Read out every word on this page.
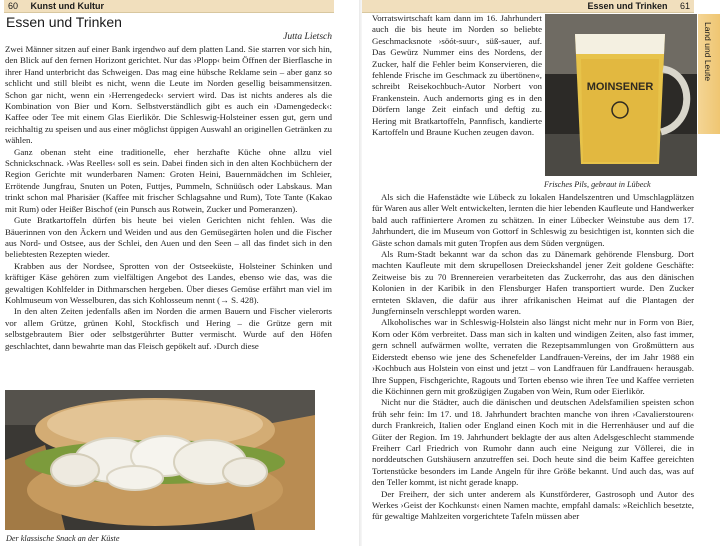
60 Kunst und Kultur
Essen und Trinken
Jutta Lietsch

Zwei Männer sitzen auf einer Bank irgendwo auf dem platten Land. Sie starren vor sich hin, den Blick auf den fernen Horizont gerichtet. Nur das ›Plopp‹ beim Öffnen der Bierflasche in ihrer Hand unterbricht das Schweigen. Das mag eine hübsche Reklame sein – aber ganz so schlicht und still bleibt es nicht, wenn die Leute im Norden gesellig beisammensitzen. Schon gar nicht, wenn ein ›Herrengedeck‹ serviert wird. Das ist nichts anderes als die Kombination von Bier und Korn. Selbstverständlich gibt es auch ein ›Damengedeck‹: Kaffee oder Tee mit einem Glas Eierlikör. Die Schleswig-Holsteiner essen gut, gern und reichhaltig zu speisen und aus einer möglichst üppigen Auswahl an originellen Getränken zu wählen.

Ganz obenan steht eine traditionelle, eher herzhafte Küche ohne allzu viel Schnickschnack. ›Was Reelles‹ soll es sein. Dabei finden sich in den alten Kochbüchern der Region Gerichte mit wunderbaren Namen: Groten Heini, Bauernmädchen im Schleier, Errötende Jungfrau, Snuten un Poten, Futtjes, Pummeln, Schnüüsch oder Labskaus. Man trinkt schon mal Pharisäer (Kaffee mit frischer Schlagsahne und Rum), Tote Tante (Kakao mit Rum) oder Heißer Bischof (ein Punsch aus Rotwein, Zucker und Pomeranzen).

Gute Bratkartoffeln dürfen bis heute bei vielen Gerichten nicht fehlen. Was die Bäuerinnen von den Äckern und Weiden und aus den Gemüsegärten holen und die Fischer aus Nord- und Ostsee, aus der Schlei, den Auen und den Seen – all das findet sich in den beliebtesten Rezepten wieder.

Krabben aus der Nordsee, Sprotten von der Ostseeküste, Holsteiner Schinken und kräftiger Käse gehören zum vielfältigen Angebot des Landes, ebenso wie das, was die gewaltigen Kohlfelder in Dithmarschen hergeben. Über dieses Gemüse erfährt man viel im Kohlmuseum von Wesselburen, das sich Kohlosseum nennt (→ S. 428).

In den alten Zeiten jedenfalls aßen im Norden die armen Bauern und Fischer vielerorts vor allem Grütze, grünen Kohl, Stockfisch und Hering – die Grütze gern mit selbstgebrautem Bier oder selbstgerührter Butter vermischt. Wurde auf den Höfen geschlachtet, dann bewahrte man das Fleisch gepökelt auf. ›Durch diese

Der klassische Snack an der Küste
Essen und Trinken 61

Vorratswirtschaft kam dann im 16. Jahrhundert auch die bis heute im Norden so beliebte Geschmacksnote ›söót-suur‹, süß-sauer, auf. Das Gewürz Nummer eins des Nordens, der Zucker, half die Fehler beim Konservieren, die fehlende Frische im Geschmack zu übertönen«, schreibt Reisekochbuch-Autor Norbert von Frankenstein. Auch andernorts ging es in den Dörfern lange Zeit einfach und deftig zu. Hering mit Bratkartoffeln, Pannfisch, kandierte Kartoffeln und Braune Kuchen zeugen davon.

MOINSENER
Frisches Pils, gebraut in Lübeck

Als sich die Hafenstädte wie Lübeck zu lokalen Handelszentren und Umschlagplätzen für Waren aus aller Welt entwickelten, lernten die hier lebenden Kaufleute und Handwerker bald auch raffiniertere Aromen zu schätzen. In einer Lübecker Weinstube aus dem 17. Jahrhundert, die im Museum von Gottorf in Schleswig zu besichtigen ist, konnten sich die Gäste schon damals mit guten Tropfen aus dem Süden vergnügen.

Als Rum-Stadt bekannt war da schon das zu Dänemark gehörende Flensburg. Dort machten Kaufleute mit dem skrupellosen Dreieckshandel jener Zeit goldene Geschäfte: Zeitweise bis zu 70 Brennereien verarbeiteten das Zuckerrohr, das aus den dänischen Kolonien in der Karibik in den Flensburger Hafen transportiert wurde. Den Zucker ernteten Sklaven, die dafür aus ihrer afrikanischen Heimat auf die Plantagen der Jungferninseln verschleppt worden waren.

Alkoholisches war in Schleswig-Holstein also längst nicht mehr nur in Form von Bier, Korn oder Köm verbreitet. Dass man sich in kalten und windigen Zeiten, also fast immer, gern schnell aufwärmen wollte, verraten die Rezeptsammlungen von Großmüttern aus Eiderstedt ebenso wie jene des Schenefelder Landfrauen-Vereins, der im Jahr 1988 ein ›Kochbuch aus Holstein von einst und jetzt – von Landfrauen für Landfrauen‹ herausgab. Ihre Suppen, Fischgerichte, Ragouts und Torten ebenso wie ihren Tee und Kaffee verrieten die Köchinnen gern mit großzügigen Zugaben von Wein, Rum oder Eierlikör.

Nicht nur die Städter, auch die dänischen und deutschen Adelsfamilien speisten schon früh sehr fein: Im 17. und 18. Jahrhundert brachten manche von ihren ›Cavalierstouren‹ durch Frankreich, Italien oder England einen Koch mit in die Herrenhäuser und auf die Güter der Region. Im 19. Jahrhundert beklagte der aus alten Adelsgeschlecht stammende Freiherr Carl Friedrich von Rumohr dann auch eine Neigung zur Völlerei, die in norddeutschen Gutshäusern anzutreffen sei. Doch heute sind die beim Kaffee gereichten Tortenstücke besonders im Lande Angeln für ihre Größe bekannt. Und auch das, was auf den Teller kommt, ist nicht gerade knapp.

Der Freiherr, der sich unter anderem als Kunstförderer, Gastrosoph und Autor des Werkes ›Geist der Kochkunst‹ einen Namen machte, empfahl damals: »Reichlich besetzte, für gewaltige Mahlzeiten vorgerichtete Tafeln müssen aber

Land und Leute
